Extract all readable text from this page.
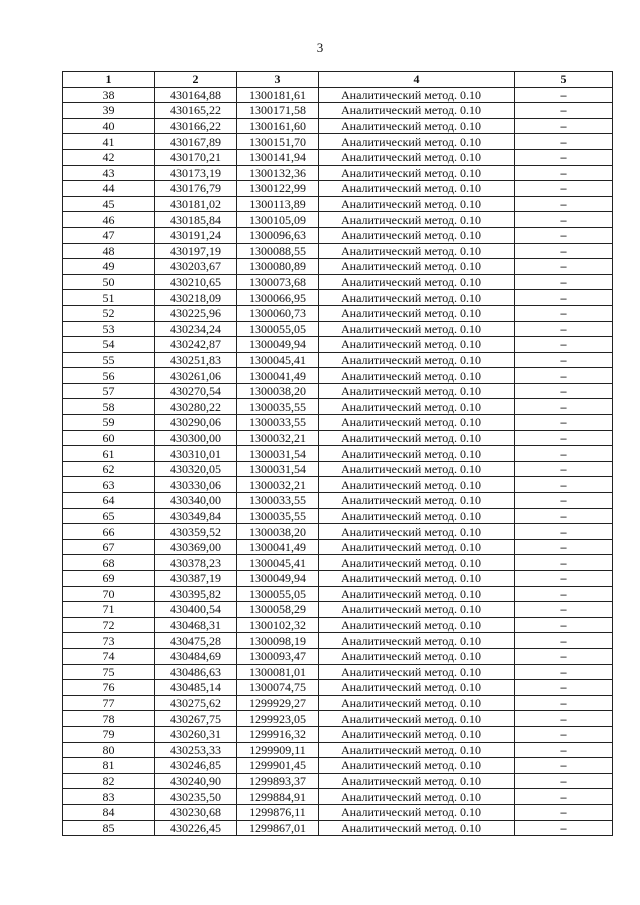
3
1	2	3	4	5
38	430164,88	1300181,61	Аналитический метод. 0.10	–
39	430165,22	1300171,58	Аналитический метод. 0.10	–
40	430166,22	1300161,60	Аналитический метод. 0.10	–
41	430167,89	1300151,70	Аналитический метод. 0.10	–
42	430170,21	1300141,94	Аналитический метод. 0.10	–
43	430173,19	1300132,36	Аналитический метод. 0.10	–
44	430176,79	1300122,99	Аналитический метод. 0.10	–
45	430181,02	1300113,89	Аналитический метод. 0.10	–
46	430185,84	1300105,09	Аналитический метод. 0.10	–
47	430191,24	1300096,63	Аналитический метод. 0.10	–
48	430197,19	1300088,55	Аналитический метод. 0.10	–
49	430203,67	1300080,89	Аналитический метод. 0.10	–
50	430210,65	1300073,68	Аналитический метод. 0.10	–
51	430218,09	1300066,95	Аналитический метод. 0.10	–
52	430225,96	1300060,73	Аналитический метод. 0.10	–
53	430234,24	1300055,05	Аналитический метод. 0.10	–
54	430242,87	1300049,94	Аналитический метод. 0.10	–
55	430251,83	1300045,41	Аналитический метод. 0.10	–
56	430261,06	1300041,49	Аналитический метод. 0.10	–
57	430270,54	1300038,20	Аналитический метод. 0.10	–
58	430280,22	1300035,55	Аналитический метод. 0.10	–
59	430290,06	1300033,55	Аналитический метод. 0.10	–
60	430300,00	1300032,21	Аналитический метод. 0.10	–
61	430310,01	1300031,54	Аналитический метод. 0.10	–
62	430320,05	1300031,54	Аналитический метод. 0.10	–
63	430330,06	1300032,21	Аналитический метод. 0.10	–
64	430340,00	1300033,55	Аналитический метод. 0.10	–
65	430349,84	1300035,55	Аналитический метод. 0.10	–
66	430359,52	1300038,20	Аналитический метод. 0.10	–
67	430369,00	1300041,49	Аналитический метод. 0.10	–
68	430378,23	1300045,41	Аналитический метод. 0.10	–
69	430387,19	1300049,94	Аналитический метод. 0.10	–
70	430395,82	1300055,05	Аналитический метод. 0.10	–
71	430400,54	1300058,29	Аналитический метод. 0.10	–
72	430468,31	1300102,32	Аналитический метод. 0.10	–
73	430475,28	1300098,19	Аналитический метод. 0.10	–
74	430484,69	1300093,47	Аналитический метод. 0.10	–
75	430486,63	1300081,01	Аналитический метод. 0.10	–
76	430485,14	1300074,75	Аналитический метод. 0.10	–
77	430275,62	1299929,27	Аналитический метод. 0.10	–
78	430267,75	1299923,05	Аналитический метод. 0.10	–
79	430260,31	1299916,32	Аналитический метод. 0.10	–
80	430253,33	1299909,11	Аналитический метод. 0.10	–
81	430246,85	1299901,45	Аналитический метод. 0.10	–
82	430240,90	1299893,37	Аналитический метод. 0.10	–
83	430235,50	1299884,91	Аналитический метод. 0.10	–
84	430230,68	1299876,11	Аналитический метод. 0.10	–
85	430226,45	1299867,01	Аналитический метод. 0.10	–
